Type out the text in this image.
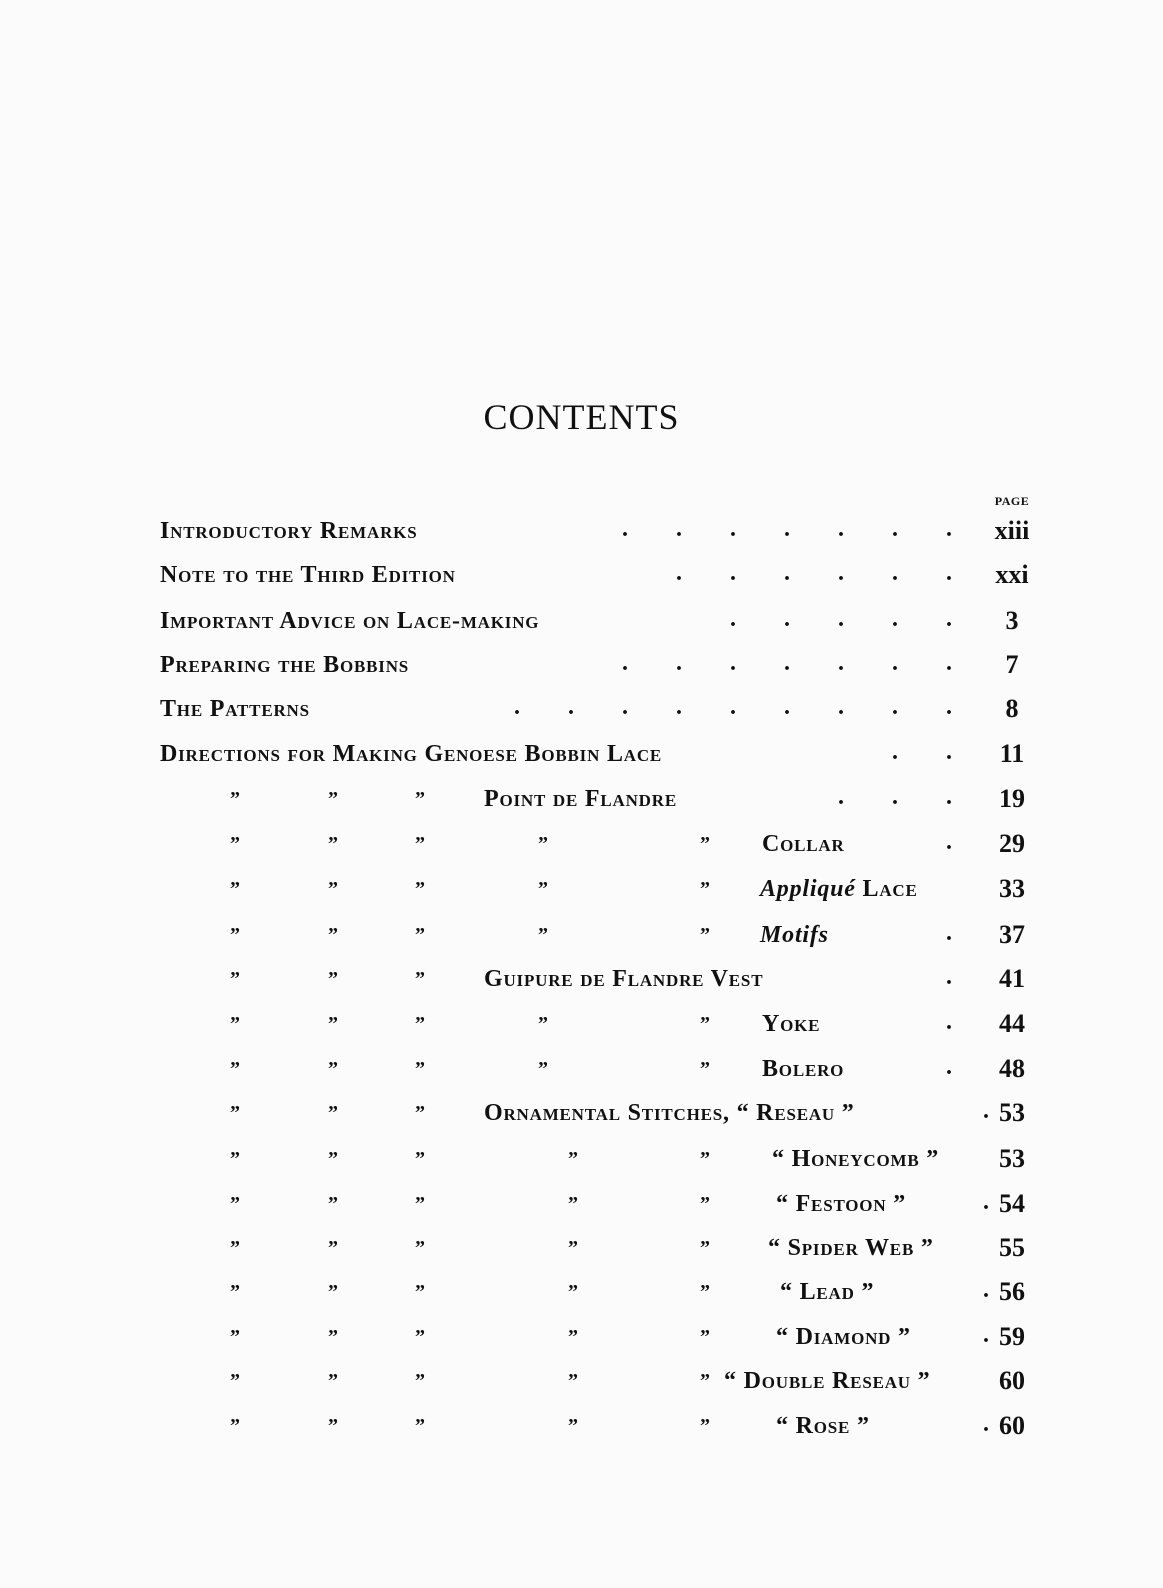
CONTENTS
PAGE
Introductory Remarks	.        .        .        .        .        .        . xiii
Note to the Third Edition	.        .        .        .        .        . xxi
Important Advice on Lace-making	.        .        .        .        .	3
Preparing the Bobbins	.        .        .        .        .        .        .	7
The Patterns	.        .        .        .        .        .        .        .        .	8
Directions for Making Genoese Bobbin Lace	.        .	11
”	”	” Point de Flandre	.        .        .	19
”	”	”	”	” Collar	.	29
”	”	”	”	” Appliqué Lace	33
”	”	”	”	” Motifs	.	37
”	”	” Guipure de Flandre Vest	.	41
”	”	”	”	” Yoke	.	44
”	”	”	”	” Bolero	.	48
”	”	” Ornamental Stitches, “ Reseau ”	. 53
”	”	”	”	”	“ Honeycomb ”	53
”	”	”	”	”	“ Festoon ” . 54
”	”	”	”	” “ Spider Web ”	55
”	”	”	”	”	“ Lead ”	. 56
”	”	”	”	”	“ Diamond ” . 59
”	”	”	”	” “ Double Reseau ”	60
”	”	”	”	”	“ Rose ”	. 60
